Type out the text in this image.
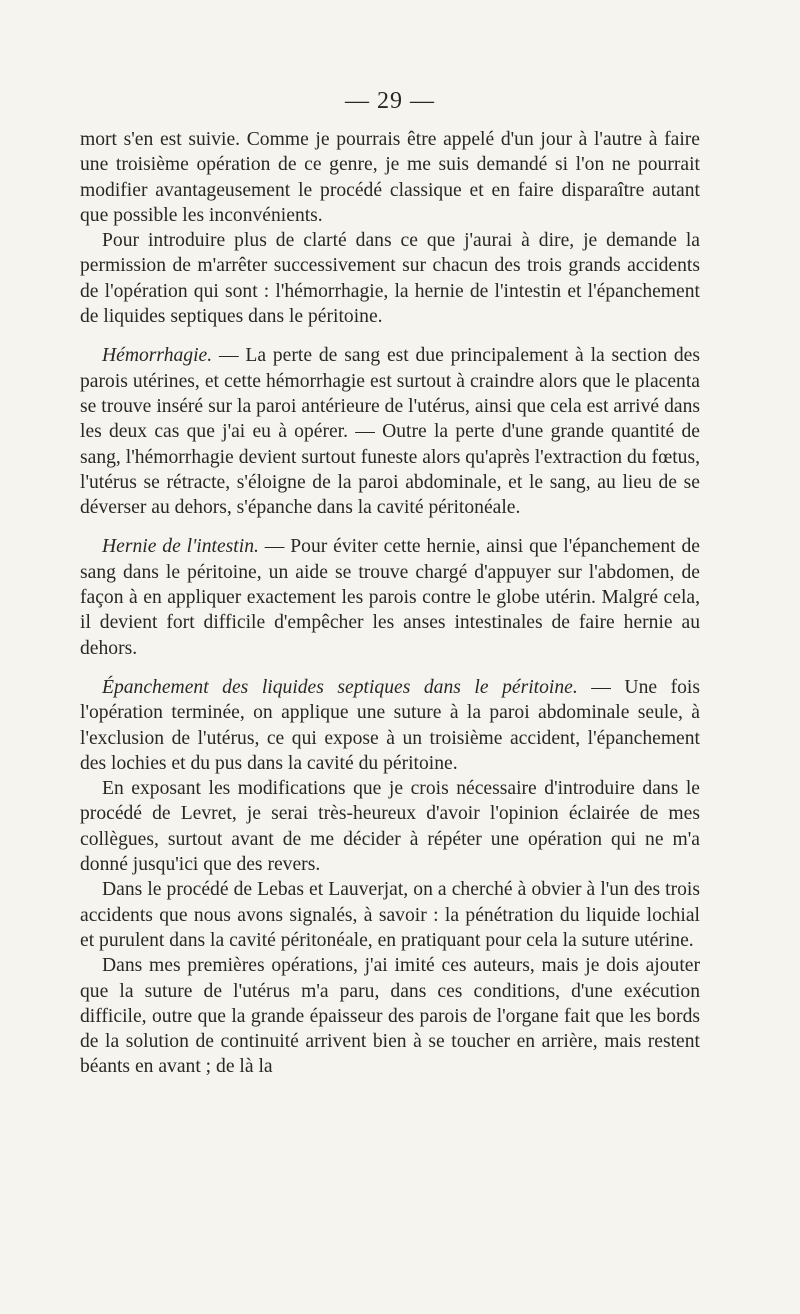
— 29 —

mort s'en est suivie. Comme je pourrais être appelé d'un jour à l'autre à faire une troisième opération de ce genre, je me suis demandé si l'on ne pourrait modifier avantageusement le procédé classique et en faire disparaître autant que possible les inconvénients.

Pour introduire plus de clarté dans ce que j'aurai à dire, je demande la permission de m'arrêter successivement sur chacun des trois grands accidents de l'opération qui sont : l'hémorrhagie, la hernie de l'intestin et l'épanchement de liquides septiques dans le péritoine.

Hémorrhagie. — La perte de sang est due principalement à la section des parois utérines, et cette hémorrhagie est surtout à craindre alors que le placenta se trouve inséré sur la paroi antérieure de l'utérus, ainsi que cela est arrivé dans les deux cas que j'ai eu à opérer. — Outre la perte d'une grande quantité de sang, l'hémorrhagie devient surtout funeste alors qu'après l'extraction du fœtus, l'utérus se rétracte, s'éloigne de la paroi abdominale, et le sang, au lieu de se déverser au dehors, s'épanche dans la cavité péritonéale.

Hernie de l'intestin. — Pour éviter cette hernie, ainsi que l'épanchement de sang dans le péritoine, un aide se trouve chargé d'appuyer sur l'abdomen, de façon à en appliquer exactement les parois contre le globe utérin. Malgré cela, il devient fort difficile d'empêcher les anses intestinales de faire hernie au dehors.

Épanchement des liquides septiques dans le péritoine. — Une fois l'opération terminée, on applique une suture à la paroi abdominale seule, à l'exclusion de l'utérus, ce qui expose à un troisième accident, l'épanchement des lochies et du pus dans la cavité du péritoine.

En exposant les modifications que je crois nécessaire d'introduire dans le procédé de Levret, je serai très-heureux d'avoir l'opinion éclairée de mes collègues, surtout avant de me décider à répéter une opération qui ne m'a donné jusqu'ici que des revers.

Dans le procédé de Lebas et Lauverjat, on a cherché à obvier à l'un des trois accidents que nous avons signalés, à savoir : la pénétration du liquide lochial et purulent dans la cavité péritonéale, en pratiquant pour cela la suture utérine.

Dans mes premières opérations, j'ai imité ces auteurs, mais je dois ajouter que la suture de l'utérus m'a paru, dans ces conditions, d'une exécution difficile, outre que la grande épaisseur des parois de l'organe fait que les bords de la solution de continuité arrivent bien à se toucher en arrière, mais restent béants en avant ; de là la
